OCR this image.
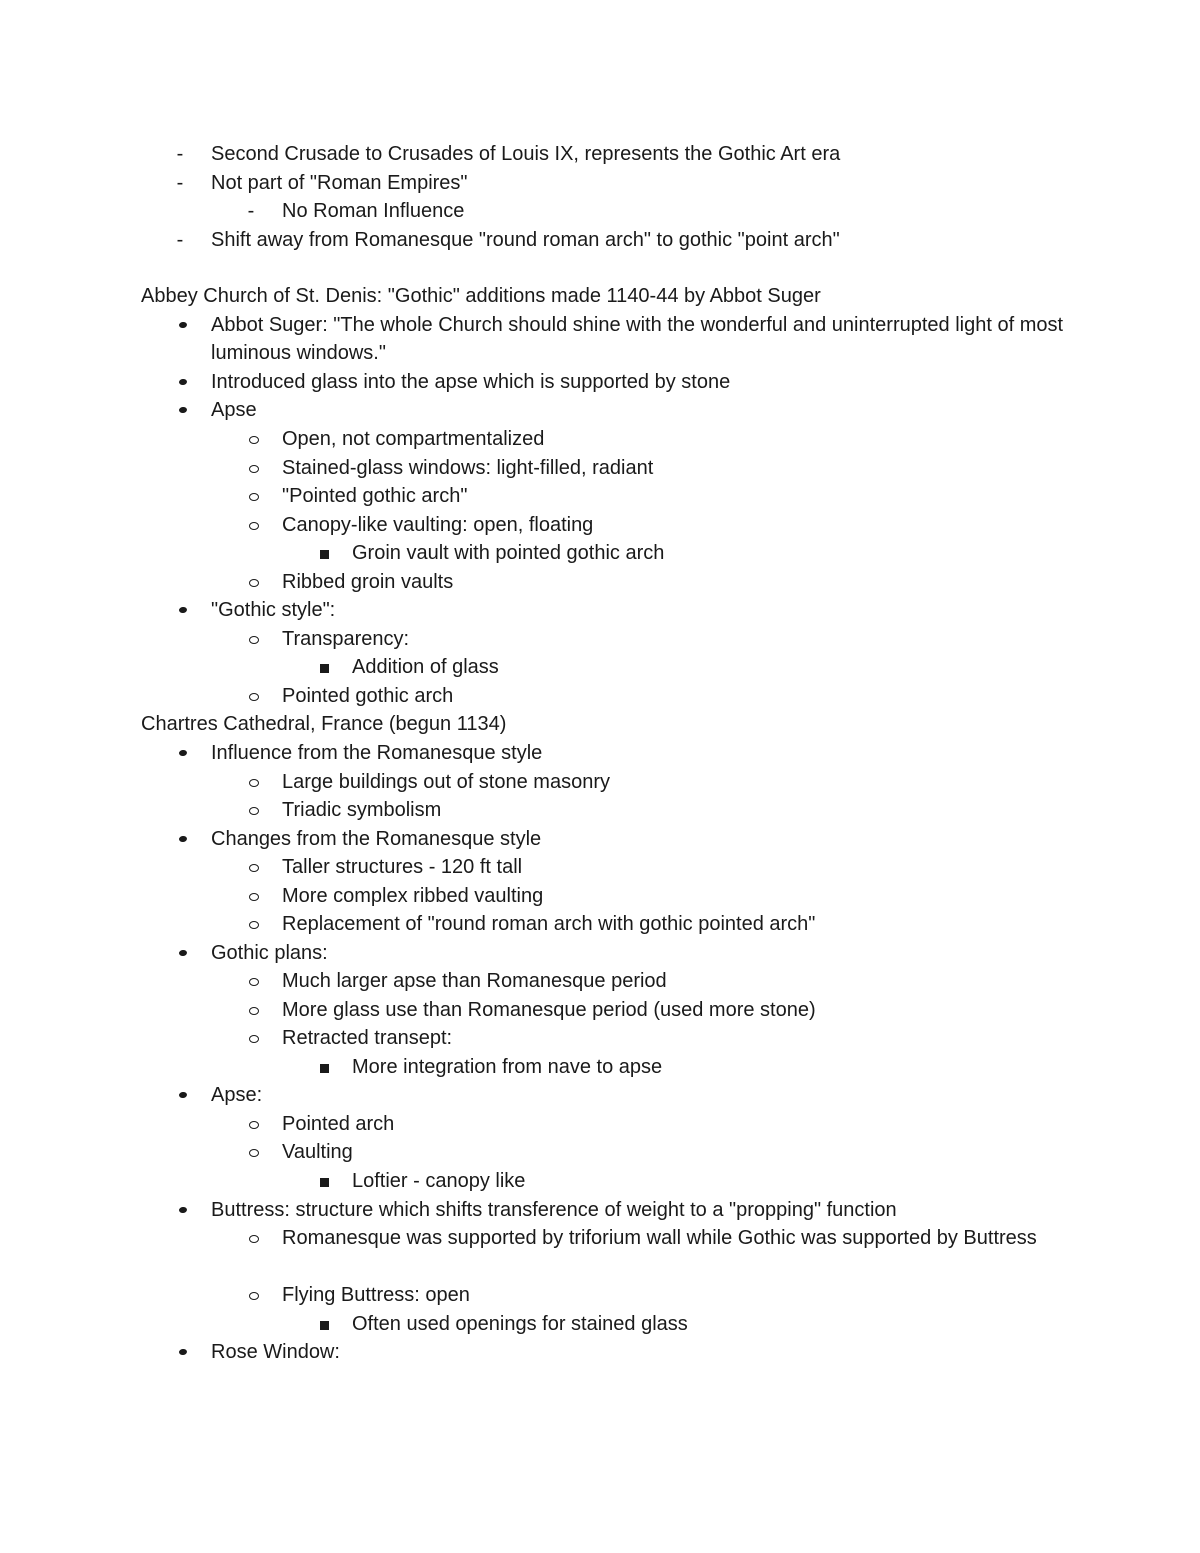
-	Second Crusade to Crusades of Louis IX, represents the Gothic Art era
-	Not part of "Roman Empires"
-	No Roman Influence
-	Shift away from Romanesque "round roman arch" to gothic "point arch"
Abbey Church of St. Denis: "Gothic" additions made 1140-44 by Abbot Suger
Abbot Suger: "The whole Church should shine with the wonderful and uninterrupted light of most luminous windows."
Introduced glass into the apse which is supported by stone
Apse
Open, not compartmentalized
Stained-glass windows: light-filled, radiant
"Pointed gothic arch"
Canopy-like vaulting: open, floating
Groin vault with pointed gothic arch
Ribbed groin vaults
"Gothic style":
Transparency:
Addition of glass
Pointed gothic arch
Chartres Cathedral, France (begun 1134)
Influence from the Romanesque style
Large buildings out of stone masonry
Triadic symbolism
Changes from the Romanesque style
Taller structures - 120 ft tall
More complex ribbed vaulting
Replacement of "round roman arch with gothic pointed arch"
Gothic plans:
Much larger apse than Romanesque period
More glass use than Romanesque period (used more stone)
Retracted transept:
More integration from nave to apse
Apse:
Pointed arch
Vaulting
Loftier - canopy like
Buttress: structure which shifts transference of weight to a "propping" function
Romanesque was supported by triforium wall while Gothic was supported by Buttress
Flying Buttress: open
Often used openings for stained glass
Rose Window:
